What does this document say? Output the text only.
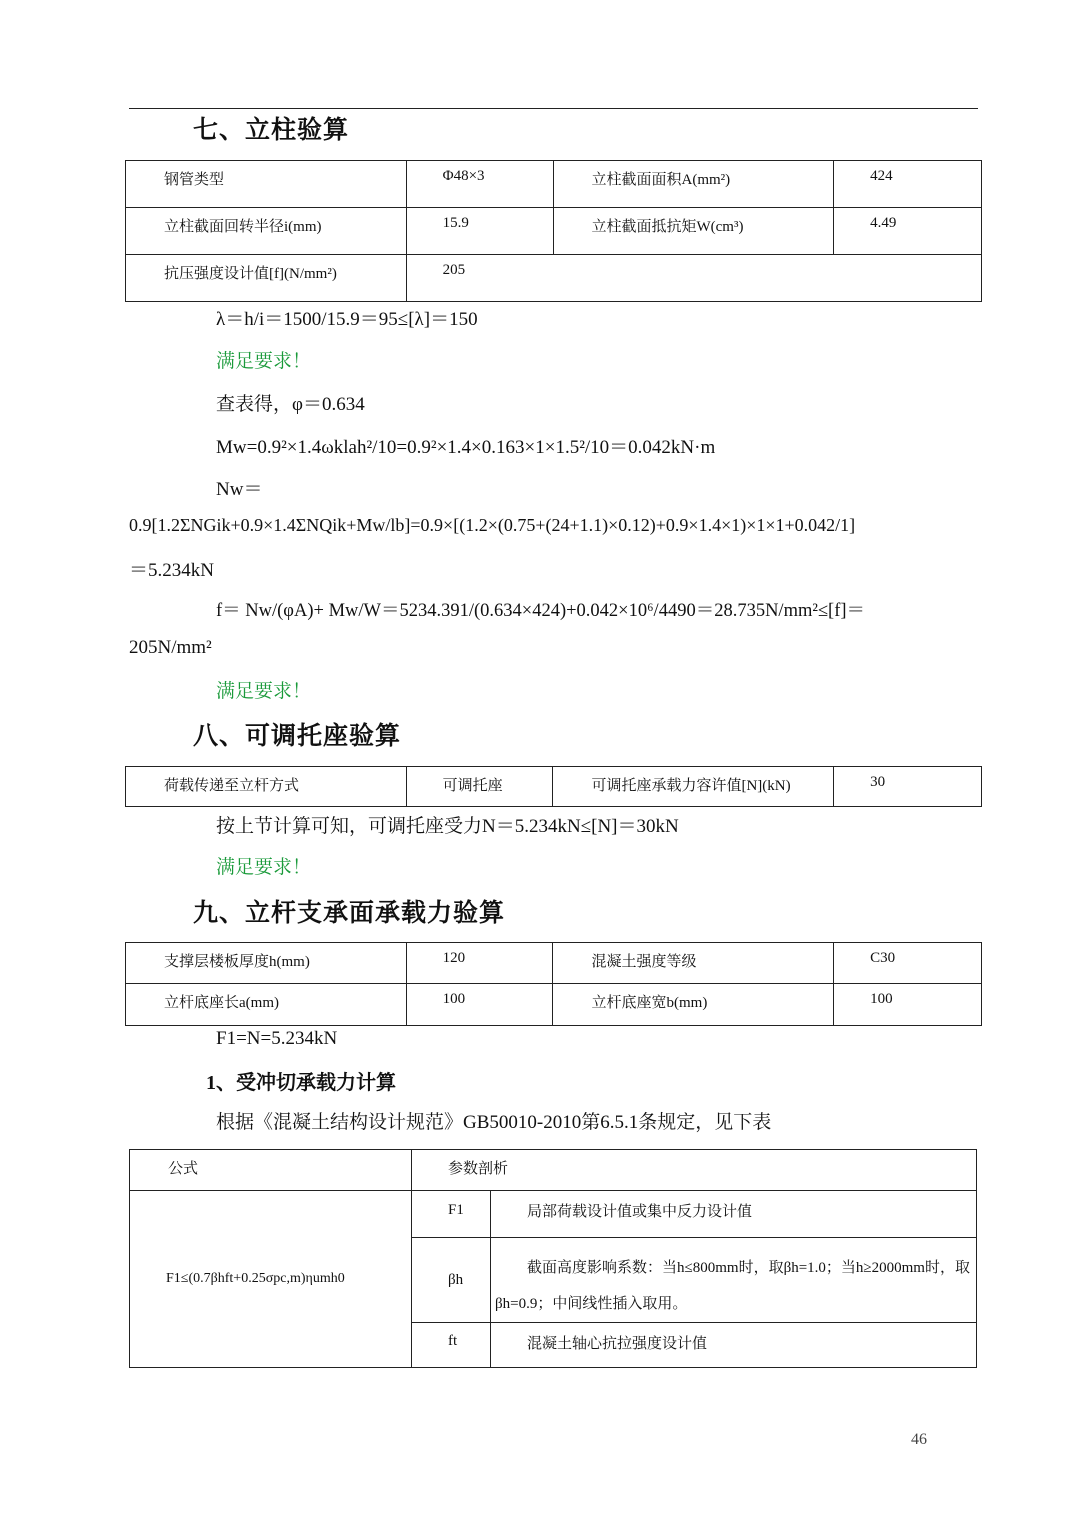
七、立柱验算
钢管类型	Φ48×3	立柱截面面积A(mm²)	424
立柱截面回转半径i(mm)	15.9	立柱截面抵抗矩W(cm³)	4.49
抗压强度设计值[f](N/mm²)	205		
λ＝h/i＝1500/15.9＝95≤[λ]＝150
满足要求！
查表得，φ＝0.634
Mw=0.9²×1.4ωklah²/10=0.9²×1.4×0.163×1×1.5²/10＝0.042kN·m
Nw＝
0.9[1.2ΣNGik+0.9×1.4ΣNQik+Mw/lb]=0.9×[(1.2×(0.75+(24+1.1)×0.12)+0.9×1.4×1)×1×1+0.042/1]
＝5.234kN
f＝ Nw/(φA)+ Mw/W＝5234.391/(0.634×424)+0.042×10⁶/4490＝28.735N/mm²≤[f]＝
205N/mm²
满足要求！
八、可调托座验算
荷载传递至立杆方式	可调托座	可调托座承载力容许值[N](kN)	30
按上节计算可知，可调托座受力N＝5.234kN≤[N]＝30kN
满足要求！
九、立杆支承面承载力验算
支撑层楼板厚度h(mm)	120	混凝土强度等级	C30
立杆底座长a(mm)	100	立杆底座宽b(mm)	100
F1=N=5.234kN
1、受冲切承载力计算
根据《混凝土结构设计规范》GB50010-2010第6.5.1条规定，见下表
公式	参数剖析	
F1≤(0.7βhft+0.25σpc,m)ηumh0	F1	局部荷载设计值或集中反力设计值
	βh	截面高度影响系数：当h≤800mm时，取βh=1.0；当h≥2000mm时，取βh=0.9；中间线性插入取用。
	ft	混凝土轴心抗拉强度设计值
46
